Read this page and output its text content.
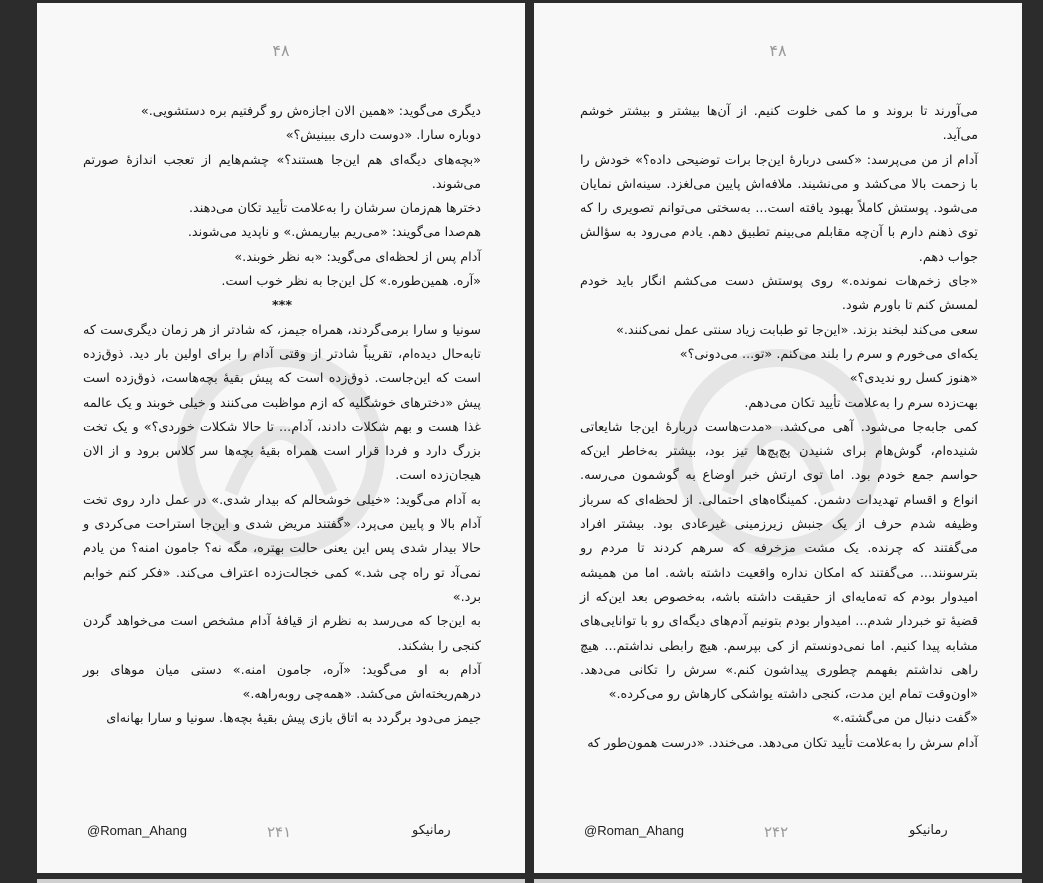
۴۸

دیگری می‌گوید: «همین الان اجازه‌ش رو گرفتیم بره دستشویی.»

دوباره سارا. «دوست داری ببینیش؟»

«بچه‌های دیگه‌ای هم این‌جا هستند؟» چشم‌هایم از تعجب اندازهٔ صورتم می‌شوند.

دخترها هم‌زمان سرشان را به‌علامت تأیید تکان می‌دهند.

هم‌صدا می‌گویند: «می‌ریم بیاریمش.» و ناپدید می‌شوند.

آدام پس از لحظه‌ای می‌گوید: «به نظر خوبند.»

«آره. همین‌طوره.» کل این‌جا به نظر خوب است.

***

سونیا و سارا برمی‌گردند، همراه جیمز، که شادتر از هر زمان دیگری‌ست که تابه‌حال دیده‌ام، تقریباً شادتر از وقتی آدام را برای اولین بار دید. ذوق‌زده است که این‌جاست. ذوق‌زده است که پیش بقیهٔ بچه‌هاست، ذوق‌زده است پیش «دخترهای خوشگلیه که ازم مواظبت می‌کنند و خیلی خوبند و یک عالمه غذا هست و بهم شکلات دادند، آدام... تا حالا شکلات خوردی؟» و یک تخت بزرگ دارد و فردا قرار است همراه بقیهٔ بچه‌ها سر کلاس برود و از الان هیجان‌زده است.

به آدام می‌گوید: «خیلی خوشحالم که بیدار شدی.» در عمل دارد روی تخت آدام بالا و پایین می‌پرد. «گفتند مریض شدی و این‌جا استراحت می‌کردی و حالا بیدار شدی پس این یعنی حالت بهتره، مگه نه؟ جامون امنه؟ من یادم نمی‌آد تو راه چی شد.» کمی خجالت‌زده اعتراف می‌کند. «فکر کنم خوابم برد.»

به این‌جا که می‌رسد به نظرم از قیافهٔ آدام مشخص است می‌خواهد گردن کنجی را بشکند.

آدام به او می‌گوید: «آره، جامون امنه.» دستی میان موهای بور درهم‌ریخته‌اش می‌کشد. «همه‌چی روبه‌راهه.»

جیمز می‌دود برگردد به اتاق بازی پیش بقیهٔ بچه‌ها. سونیا و سارا بهانه‌ای

@Roman_Ahang	۲۴۱	رمانیکو
۴۸

می‌آورند تا بروند و ما کمی خلوت کنیم. از آن‌ها بیشتر و بیشتر خوشم می‌آید.

آدام از من می‌پرسد: «کسی دربارهٔ این‌جا برات توضیحی داده؟» خودش را با زحمت بالا می‌کشد و می‌نشیند. ملافه‌اش پایین می‌لغزد. سینه‌اش نمایان می‌شود. پوستش کاملاً بهبود یافته است... به‌سختی می‌توانم تصویری را که توی ذهنم دارم با آن‌چه مقابلم می‌بینم تطبیق دهم. یادم می‌رود به سؤالش جواب دهم.

«جای زخم‌هات نمونده.» روی پوستش دست می‌کشم انگار باید خودم لمسش کنم تا باورم شود.

سعی می‌کند لبخند بزند. «این‌جا تو طبابت زیاد سنتی عمل نمی‌کنند.»

یکه‌ای می‌خورم و سرم را بلند می‌کنم. «تو... می‌دونی؟»

«هنوز کسل رو ندیدی؟»

بهت‌زده سرم را به‌علامت تأیید تکان می‌دهم.

کمی جابه‌جا می‌شود. آهی می‌کشد. «مدت‌هاست دربارهٔ این‌جا شایعاتی شنیده‌ام، گوش‌هام برای شنیدن پچ‌پچ‌ها تیز بود، بیشتر به‌خاطر این‌که حواسم جمع خودم بود. اما توی ارتش خبر اوضاع به گوشمون می‌رسه. انواع و اقسام تهدیدات دشمن. کمینگاه‌های احتمالی. از لحظه‌ای که سرباز وظیفه شدم حرف از یک جنبش زیرزمینی غیرعادی بود. بیشتر افراد می‌گفتند که چرنده. یک مشت مزخرفه که سرهم کردند تا مردم رو بترسونند... می‌گفتند که امکان نداره واقعیت داشته باشه. اما من همیشه امیدوار بودم که ته‌مایه‌ای از حقیقت داشته باشه، به‌خصوص بعد این‌که از قضیهٔ تو خبردار شدم... امیدوار بودم بتونیم آدم‌های دیگه‌ای رو با توانایی‌های مشابه پیدا کنیم. اما نمی‌دونستم از کی بپرسم. هیچ رابطی نداشتم... هیچ راهی نداشتم بفهمم چطوری پیداشون کنم.» سرش را تکانی می‌دهد. «اون‌وقت تمام این مدت، کنجی داشته یواشکی کارهاش رو می‌کرده.»

«گفت دنبال من می‌گشته.»

آدام سرش را به‌علامت تأیید تکان می‌دهد. می‌خندد. «درست همون‌طور که

@Roman_Ahang	۲۴۲	رمانیکو
